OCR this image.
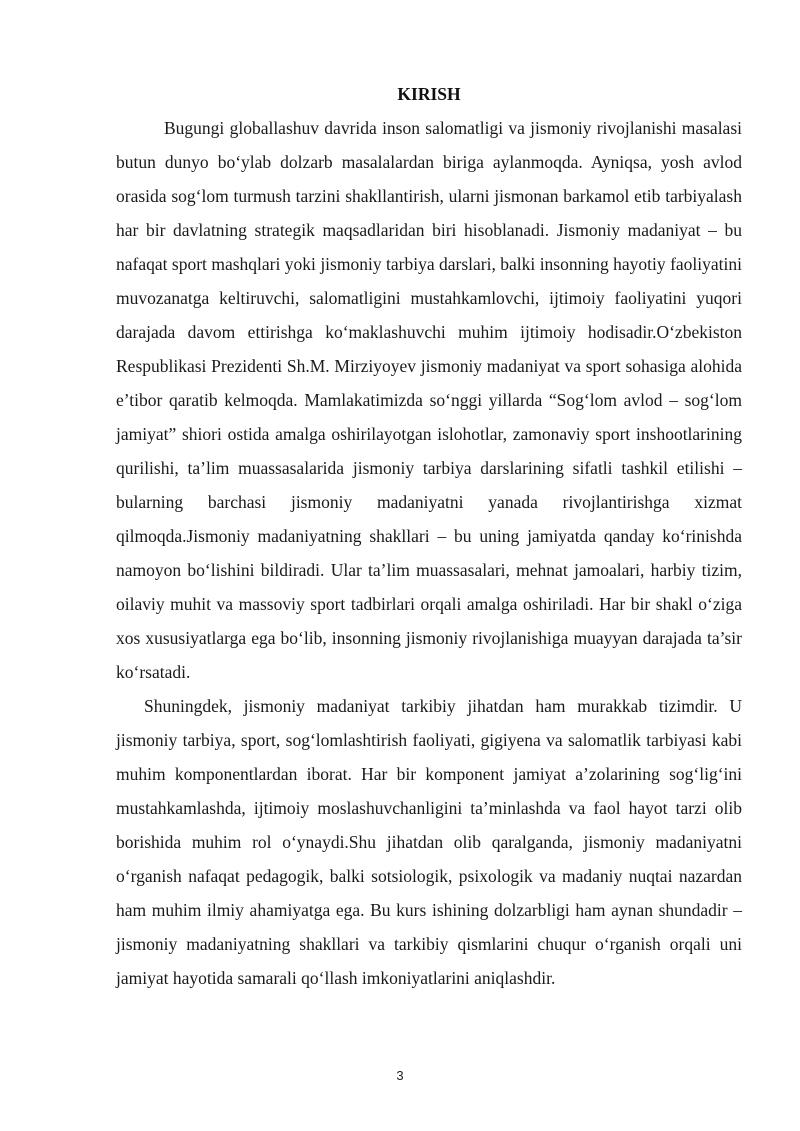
KIRISH

Bugungi globallashuv davrida inson salomatligi va jismoniy rivojlanishi masalasi butun dunyo bo‘ylab dolzarb masalalardan biriga aylanmoqda. Ayniqsa, yosh avlod orasida sog‘lom turmush tarzini shakllantirish, ularni jismonan barkamol etib tarbiyalash har bir davlatning strategik maqsadlaridan biri hisoblanadi. Jismoniy madaniyat – bu nafaqat sport mashqlari yoki jismoniy tarbiya darslari, balki insonning hayotiy faoliyatini muvozanatga keltiruvchi, salomatligini mustahkamlovchi, ijtimoiy faoliyatini yuqori darajada davom ettirishga ko‘maklashuvchi muhim ijtimoiy hodisadir.O‘zbekiston Respublikasi Prezidenti Sh.M. Mirziyoyev jismoniy madaniyat va sport sohasiga alohida e’tibor qaratib kelmoqda. Mamlakatimizda so‘nggi yillarda “Sog‘lom avlod – sog‘lom jamiyat” shiori ostida amalga oshirilayotgan islohotlar, zamonaviy sport inshootlarining qurilishi, ta’lim muassasalarida jismoniy tarbiya darslarining sifatli tashkil etilishi – bularning barchasi jismoniy madaniyatni yanada rivojlantirishga xizmat qilmoqda.Jismoniy madaniyatning shakllari – bu uning jamiyatda qanday ko‘rinishda namoyon bo‘lishini bildiradi. Ular ta’lim muassasalari, mehnat jamoalari, harbiy tizim, oilaviy muhit va massoviy sport tadbirlari orqali amalga oshiriladi. Har bir shakl o‘ziga xos xususiyatlarga ega bo‘lib, insonning jismoniy rivojlanishiga muayyan darajada ta’sir ko‘rsatadi.

Shuningdek, jismoniy madaniyat tarkibiy jihatdan ham murakkab tizimdir. U jismoniy tarbiya, sport, sog‘lomlashtirish faoliyati, gigiyena va salomatlik tarbiyasi kabi muhim komponentlardan iborat. Har bir komponent jamiyat a’zolarining sog‘lig‘ini mustahkamlashda, ijtimoiy moslashuvchanligini ta’minlashda va faol hayot tarzi olib borishida muhim rol o‘ynaydi.Shu jihatdan olib qaralganda, jismoniy madaniyatni o‘rganish nafaqat pedagogik, balki sotsiologik, psixologik va madaniy nuqtai nazardan ham muhim ilmiy ahamiyatga ega. Bu kurs ishining dolzarbligi ham aynan shundadir – jismoniy madaniyatning shakllari va tarkibiy qismlarini chuqur o‘rganish orqali uni jamiyat hayotida samarali qo‘llash imkoniyatlarini aniqlashdir.

3
